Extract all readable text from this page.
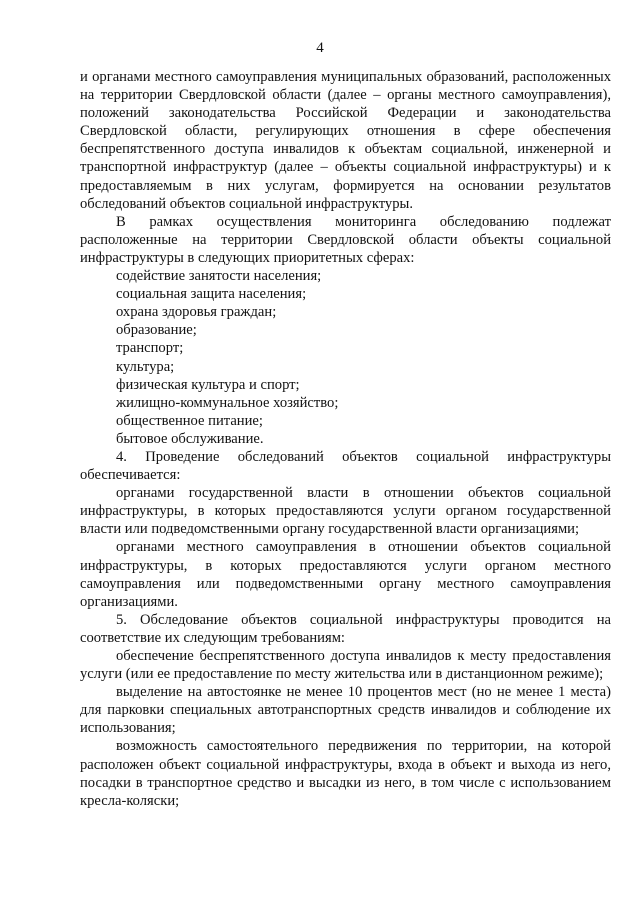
4

и органами местного самоуправления муниципальных образований, расположенных на территории Свердловской области (далее – органы местного самоуправления), положений законодательства Российской Федерации и законодательства Свердловской области, регулирующих отношения в сфере обеспечения беспрепятственного доступа инвалидов к объектам социальной, инженерной и транспортной инфраструктур (далее – объекты социальной инфраструктуры) и к предоставляемым в них услугам, формируется на основании результатов обследований объектов социальной инфраструктуры.

В рамках осуществления мониторинга обследованию подлежат расположенные на территории Свердловской области объекты социальной инфраструктуры в следующих приоритетных сферах:

содействие занятости населения;

социальная защита населения;

охрана здоровья граждан;

образование;

транспорт;

культура;

физическая культура и спорт;

жилищно-коммунальное хозяйство;

общественное питание;

бытовое обслуживание.

4. Проведение обследований объектов социальной инфраструктуры обеспечивается:

органами государственной власти в отношении объектов социальной инфраструктуры, в которых предоставляются услуги органом государственной власти или подведомственными органу государственной власти организациями;

органами местного самоуправления в отношении объектов социальной инфраструктуры, в которых предоставляются услуги органом местного самоуправления или подведомственными органу местного самоуправления организациями.

5. Обследование объектов социальной инфраструктуры проводится на соответствие их следующим требованиям:

обеспечение беспрепятственного доступа инвалидов к месту предоставления услуги (или ее предоставление по месту жительства или в дистанционном режиме);

выделение на автостоянке не менее 10 процентов мест (но не менее 1 места) для парковки специальных автотранспортных средств инвалидов и соблюдение их использования;

возможность самостоятельного передвижения по территории, на которой расположен объект социальной инфраструктуры, входа в объект и выхода из него, посадки в транспортное средство и высадки из него, в том числе с использованием кресла-коляски;
